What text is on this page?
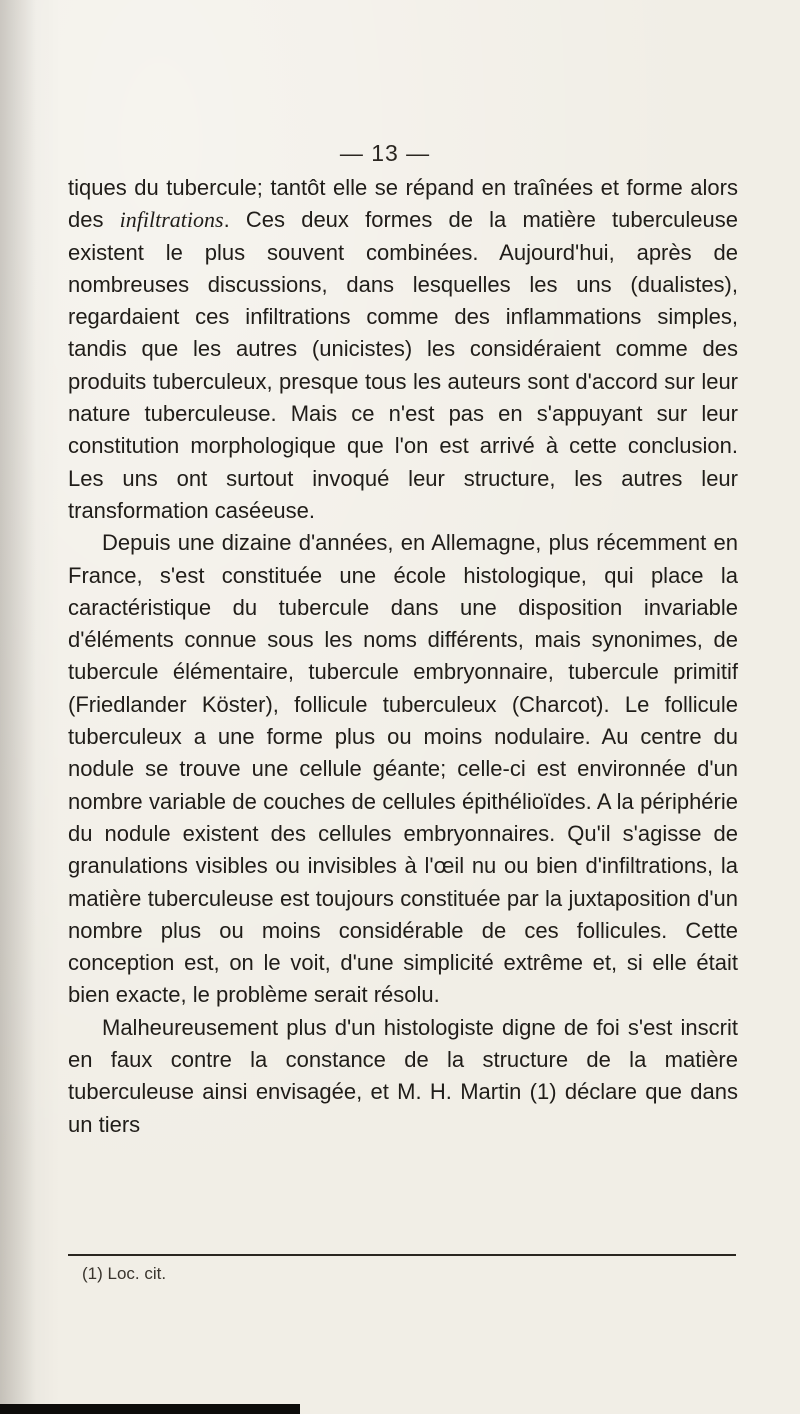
— 13 —

tiques du tubercule; tantôt elle se répand en traînées et forme alors des infiltrations. Ces deux formes de la matière tuberculeuse existent le plus souvent combinées. Aujourd'hui, après de nombreuses discussions, dans lesquelles les uns (dualistes), regardaient ces infiltrations comme des inflammations simples, tandis que les autres (unicistes) les considéraient comme des produits tuberculeux, presque tous les auteurs sont d'accord sur leur nature tuberculeuse. Mais ce n'est pas en s'appuyant sur leur constitution morphologique que l'on est arrivé à cette conclusion. Les uns ont surtout invoqué leur structure, les autres leur transformation caséeuse.

Depuis une dizaine d'années, en Allemagne, plus récemment en France, s'est constituée une école histologique, qui place la caractéristique du tubercule dans une disposition invariable d'éléments connue sous les noms différents, mais synonimes, de tubercule élémentaire, tubercule embryonnaire, tubercule primitif (Friedlander Köster), follicule tuberculeux (Charcot). Le follicule tuberculeux a une forme plus ou moins nodulaire. Au centre du nodule se trouve une cellule géante; celle-ci est environnée d'un nombre variable de couches de cellules épithélioïdes. A la périphérie du nodule existent des cellules embryonnaires. Qu'il s'agisse de granulations visibles ou invisibles à l'œil nu ou bien d'infiltrations, la matière tuberculeuse est toujours constituée par la juxtaposition d'un nombre plus ou moins considérable de ces follicules. Cette conception est, on le voit, d'une simplicité extrême et, si elle était bien exacte, le problème serait résolu.

Malheureusement plus d'un histologiste digne de foi s'est inscrit en faux contre la constance de la structure de la matière tuberculeuse ainsi envisagée, et M. H. Martin (1) déclare que dans un tiers

(1) Loc. cit.
